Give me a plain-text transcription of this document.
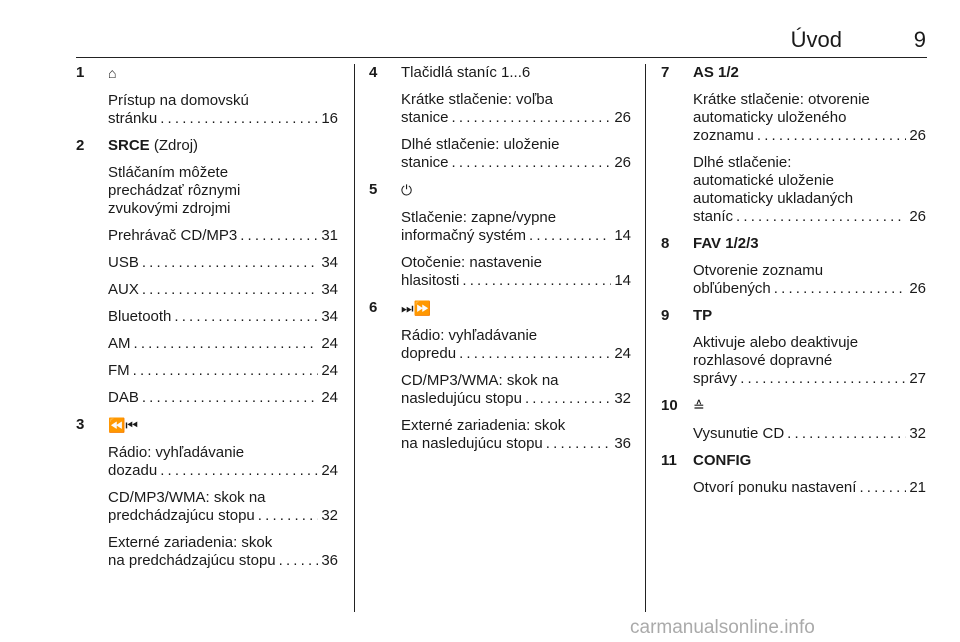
Úvod	9
1 ⌂
Prístup na domovskú
stránku . . .	16
2 SRCE (Zdroj)
Stláčaním môžete
prechádzať rôznymi
zvukovými zdrojmi
Prehrávač CD/MP3 . . .	31
USB . . .	34
AUX . . .	34
Bluetooth . . .	34
AM . . .	24
FM . . .	24
DAB . . .	24
3 ⏪⏮
Rádio: vyhľadávanie
dozadu . . .	24
CD/MP3/WMA: skok na
predchádzajúcu stopu . . .	32
Externé zariadenia: skok
na predchádzajúcu stopu . . .	36
4 Tlačidlá staníc 1...6
Krátke stlačenie: voľba
stanice . . .	26
Dlhé stlačenie: uloženie
stanice . . .	26
5 ⏻
Stlačenie: zapne/vypne
informačný systém . . .	14
Otočenie: nastavenie
hlasitosti . . .	14
6 ⏭⏩
Rádio: vyhľadávanie
dopredu . . .	24
CD/MP3/WMA: skok na
nasledujúcu stopu . . .	32
Externé zariadenia: skok
na nasledujúcu stopu . . .	36
7 AS 1/2
Krátke stlačenie: otvorenie
automaticky uloženého
zoznamu . . .	26
Dlhé stlačenie:
automatické uloženie
automaticky ukladaných
staníc . . .	26
8 FAV 1/2/3
Otvorenie zoznamu
obľúbených . . .	26
9 TP
Aktivuje alebo deaktivuje
rozhlasové dopravné
správy . . .	27
10 ≙
Vysunutie CD . . .	32
11 CONFIG
Otvorí ponuku nastavení . . .	21
carmanualsonline.info
